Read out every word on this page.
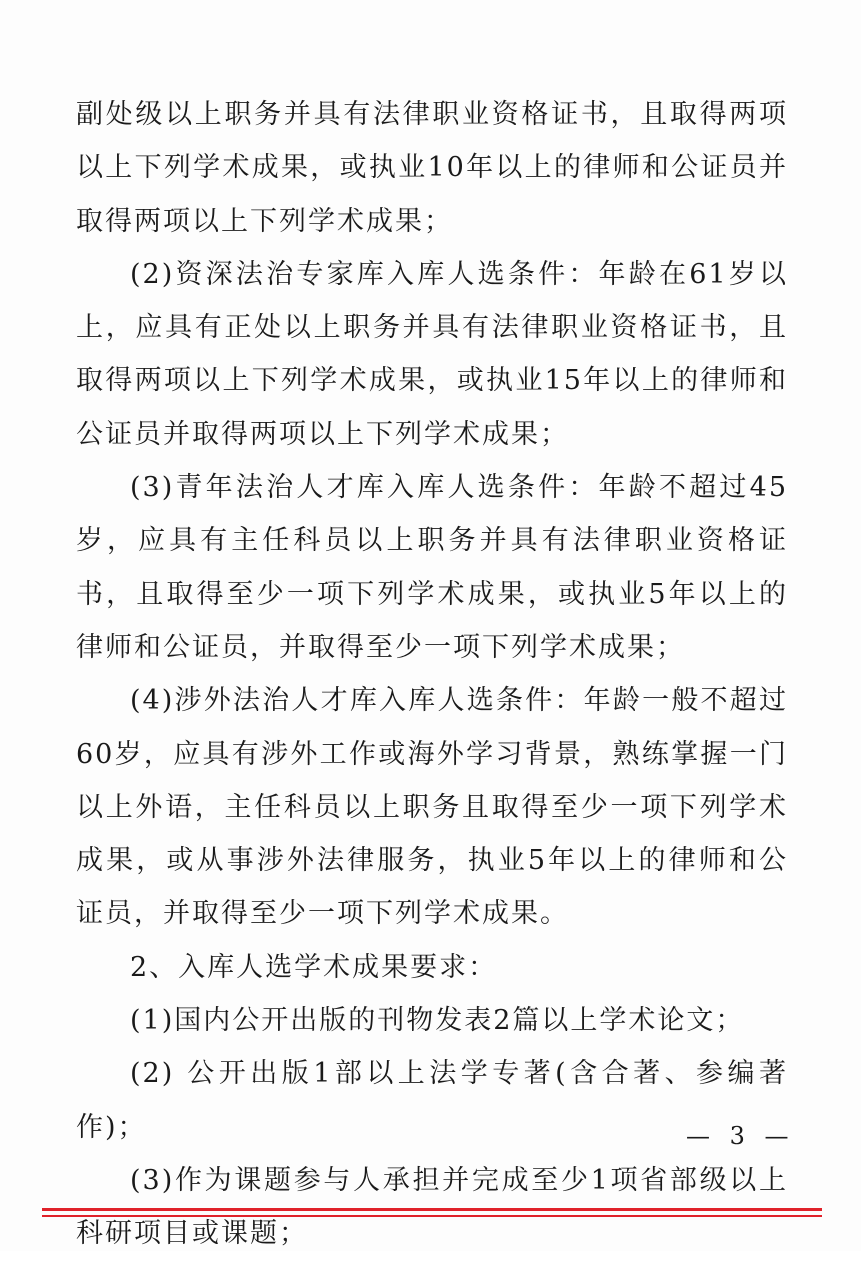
副处级以上职务并具有法律职业资格证书，且取得两项以上下列学术成果，或执业10年以上的律师和公证员并取得两项以上下列学术成果；

(2)资深法治专家库入库人选条件：年龄在61岁以上，应具有正处以上职务并具有法律职业资格证书，且取得两项以上下列学术成果，或执业15年以上的律师和公证员并取得两项以上下列学术成果；

(3)青年法治人才库入库人选条件：年龄不超过45岁，应具有主任科员以上职务并具有法律职业资格证书，且取得至少一项下列学术成果，或执业5年以上的律师和公证员，并取得至少一项下列学术成果；

(4)涉外法治人才库入库人选条件：年龄一般不超过60岁，应具有涉外工作或海外学习背景，熟练掌握一门以上外语，主任科员以上职务且取得至少一项下列学术成果，或从事涉外法律服务，执业5年以上的律师和公证员，并取得至少一项下列学术成果。

2、入库人选学术成果要求：

(1)国内公开出版的刊物发表2篇以上学术论文；

(2) 公开出版1部以上法学专著(含合著、参编著作)；

(3)作为课题参与人承担并完成至少1项省部级以上科研项目或课题；

— 3 —
